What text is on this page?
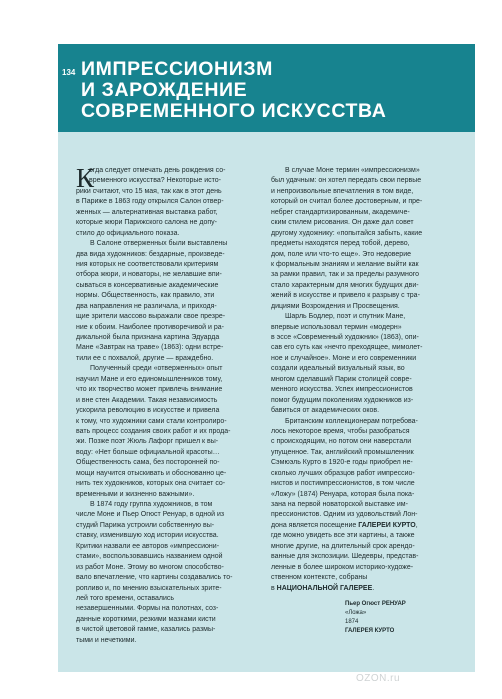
134 ИМПРЕССИОНИЗМ
И ЗАРОЖДЕНИЕ
СОВРЕМЕННОГО ИСКУССТВА
К
огда следует отмечать день рождения со-
временного искусства? Некоторые исто-
рики считают, что 15 мая, так как в этот день
в Париже в 1863 году открылся Салон отвер-
женных — альтернативная выставка работ,
которые жюри Парижского салона не допу-
стило до официального показа.
В Салоне отверженных были выставлены
два вида художников: бездарные, произведе-
ния которых не соответствовали критериям
отбора жюри, и новаторы, не желавшие впи-
сываться в консервативные академические
нормы. Общественность, как правило, эти
два направления не различала, и приходя-
щие зрители массово выражали свое презре-
ние к обоим. Наиболее противоречивой и ра-
дикальной была признана картина Эдуарда
Мане «Завтрак на траве» (1863): одни встре-
тили ее с похвалой, другие — враждебно.
Полученный среди «отверженных» опыт
научил Мане и его единомышленников тому,
что их творчество может привлечь внимание
и вне стен Академии. Такая независимость
ускорила революцию в искусстве и привела
к тому, что художники сами стали контролиро-
вать процесс создания своих работ и их прода-
жи. Позже поэт Жюль Лафорг пришел к вы-
воду: «Нет больше официальной красоты…
Общественность сама, без посторонней по-
мощи научится отыскивать и обоснованно це-
нить тех художников, которых она считает со-
временными и жизненно важными».
В 1874 году группа художников, в том
числе Моне и Пьер Огюст Ренуар, в одной из
студий Парижа устроили собственную вы-
ставку, изменившую ход истории искусства.
Критики назвали ее авторов «импрессиони-
стами», воспользовавшись названием одной
из работ Моне. Этому во многом способство-
вало впечатление, что картины создавались то-
ропливо и, по мнению взыскательных зрите-
лей того времени, оставались
незавершенными. Формы на полотнах, соз-
данные короткими, резкими мазками кисти
в чистой цветовой гамме, казались размы-
тыми и нечеткими.
В случае Моне термин «импрессионизм»
был удачным: он хотел передать свои первые
и непроизвольные впечатления в том виде,
который он считал более достоверным, и пре-
небрег стандартизированным, академиче-
ским стилем рисования. Он даже дал совет
другому художнику: «попытайся забыть, какие
предметы находятся перед тобой, дерево,
дом, поле или что-то еще». Это недоверие
к формальным знаниям и желание выйти как
за рамки правил, так и за пределы разумного
стало характерным для многих будущих дви-
жений в искусстве и привело к разрыву с тра-
дициями Возрождения и Просвещения.
Шарль Бодлер, поэт и спутник Мане,
впервые использовал термин «модерн»
в эссе «Современный художник» (1863), опи-
сав его суть как «нечто преходящее, мимолет-
ное и случайное». Моне и его современники
создали идеальный визуальный язык, во
многом сделавший Париж столицей совре-
менного искусства. Успех импрессионистов
помог будущим поколениям художников из-
бавиться от академических оков.
Британским коллекционерам потребова-
лось некоторое время, чтобы разобраться
с происходящим, но потом они наверстали
упущенное. Так, английский промышленник
Сэмюэль Курто в 1920-е годы приобрел не-
сколько лучших образцов работ импрессио-
нистов и постимпрессионистов, в том числе
«Ложу» (1874) Ренуара, которая была пока-
зана на первой новаторской выставке им-
прессионистов. Одним из удовольствий Лон-
дона является посещение ГАЛЕРЕИ КУРТО,
где можно увидеть все эти картины, а также
многие другие, на длительный срок арендо-
ванные для экспозиции. Шедевры, представ-
ленные в более широком историко-художе-
ственном контексте, собраны
в НАЦИОНАЛЬНОЙ ГАЛЕРЕЕ.
Пьер Огюст РЕНУАР
«Ложа»
1874
ГАЛЕРЕЯ КУРТО
OZON.ru
